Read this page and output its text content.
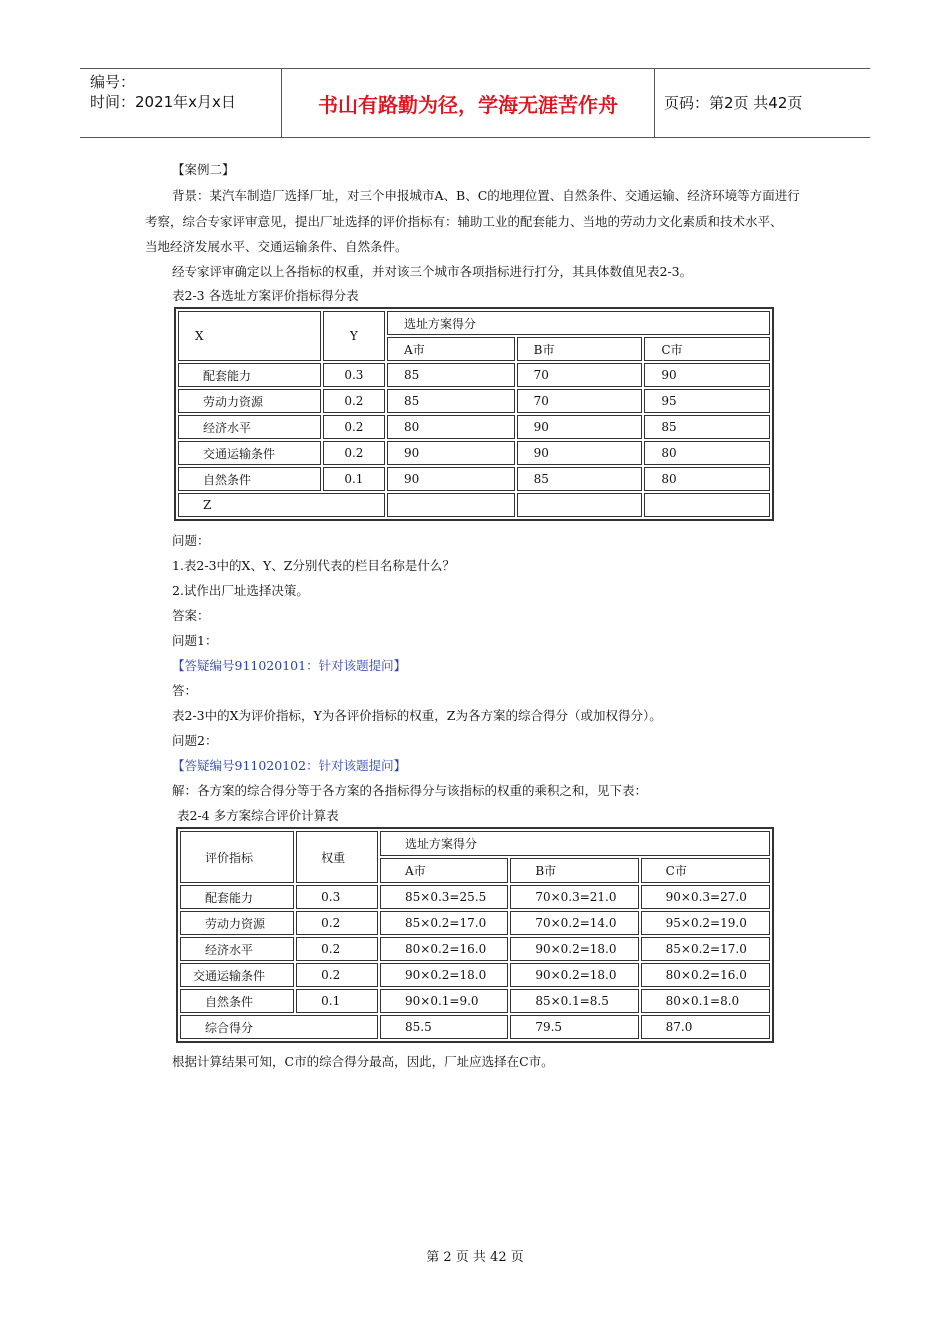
编号：
时间：2021年x月x日	书山有路勤为径，学海无涯苦作舟	页码：第2页 共42页
【案例二】
背景：某汽车制造厂选择厂址，对三个申报城市A、B、C的地理位置、自然条件、交通运输、经济环境等方面进行
考察，综合专家评审意见，提出厂址选择的评价指标有：辅助工业的配套能力、当地的劳动力文化素质和技术水平、
当地经济发展水平、交通运输条件、自然条件。
经专家评审确定以上各指标的权重，并对该三个城市各项指标进行打分，其具体数值见表2-3。
表2-3 各选址方案评价指标得分表
X	Y	选址方案得分		
		A市	B市	C市
配套能力	0.3	85	70	90
劳动力资源	0.2	85	70	95
经济水平	0.2	80	90	85
交通运输条件	0.2	90	90	80
自然条件	0.1	90	85	80
Z				
问题：
1.表2-3中的X、Y、Z分别代表的栏目名称是什么？
2.试作出厂址选择决策。
答案：
问题1：
【答疑编号911020101：针对该题提问】
答：
表2-3中的X为评价指标，Y为各评价指标的权重，Z为各方案的综合得分（或加权得分）。
问题2：
【答疑编号911020102：针对该题提问】
解：各方案的综合得分等于各方案的各指标得分与该指标的权重的乘积之和，见下表：
表2-4 多方案综合评价计算表
评价指标	权重	选址方案得分		
		A市	B市	C市
配套能力	0.3	85×0.3=25.5	70×0.3=21.0	90×0.3=27.0
劳动力资源	0.2	85×0.2=17.0	70×0.2=14.0	95×0.2=19.0
经济水平	0.2	80×0.2=16.0	90×0.2=18.0	85×0.2=17.0
交通运输条件	0.2	90×0.2=18.0	90×0.2=18.0	80×0.2=16.0
自然条件	0.1	90×0.1=9.0	85×0.1=8.5	80×0.1=8.0
综合得分		85.5	79.5	87.0
根据计算结果可知，C市的综合得分最高，因此，厂址应选择在C市。
第 2 页 共 42 页
